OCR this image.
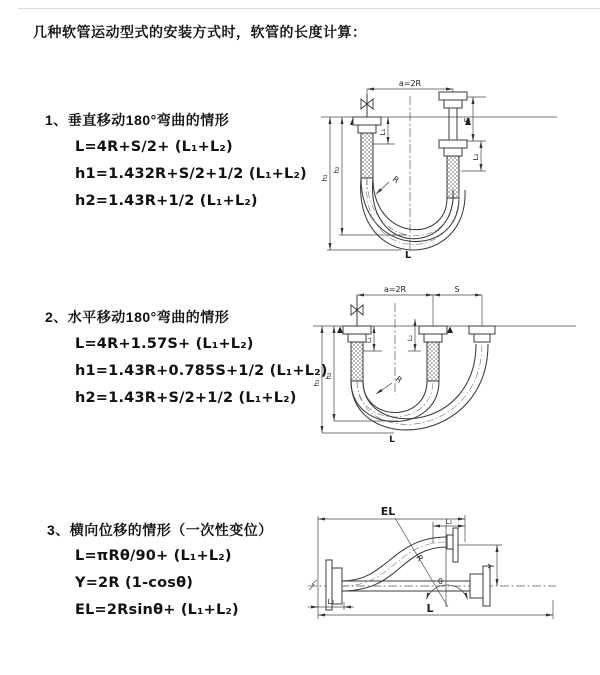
几种软管运动型式的安装方式时，软管的长度计算：
1、垂直移动180°弯曲的情形
L=4R+S/2+ (L₁+L₂)
h1=1.432R+S/2+1/2 (L₁+L₂)
h2=1.43R+1/2 (L₁+L₂)
2、水平移动180°弯曲的情形
L=4R+1.57S+ (L₁+L₂)
h1=1.43R+0.785S+1/2 (L₁+L₂)
h2=1.43R+S/2+1/2 (L₁+L₂)
3、横向位移的情形（一次性变位）
L=πRθ/90+ (L₁+L₂)
Y=2R (1-cosθ)
EL=2Rsinθ+ (L₁+L₂)
a=2R
L₁
S
L₂
R
h₁
h₂
L
a=2R	S
L₁	L₂
R
h₁
h₂
L
EL
L₁
R
θ
Y
L₂	L
